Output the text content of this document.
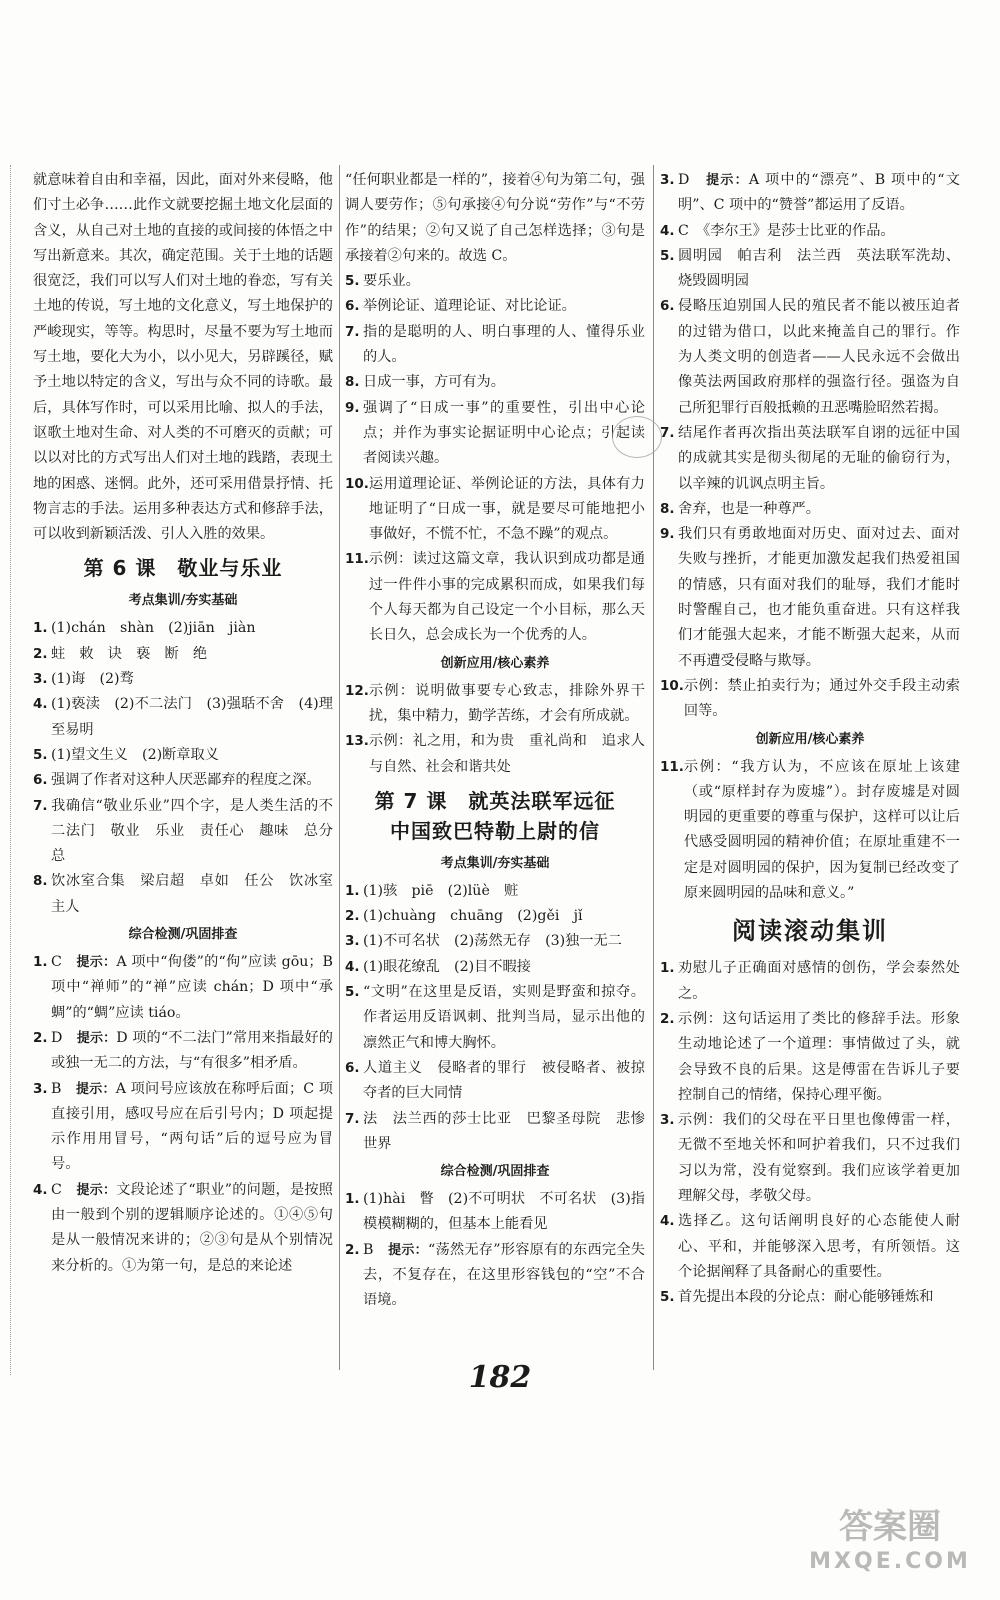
就意味着自由和幸福，因此，面对外来侵略，他们寸土必争……此作文就要挖掘土地文化层面的含义，从自己对土地的直接的或间接的体悟之中写出新意来。其次，确定范围。关于土地的话题很宽泛，我们可以写人们对土地的眷恋，写有关土地的传说，写土地的文化意义，写土地保护的严峻现实，等等。构思时，尽量不要为写土地而写土地，要化大为小，以小见大，另辟蹊径，赋予土地以特定的含义，写出与众不同的诗歌。最后，具体写作时，可以采用比喻、拟人的手法，讴歌土地对生命、对人类的不可磨灭的贡献；可以以对比的方式写出人们对土地的践踏，表现土地的困惑、迷惘。此外，还可采用借景抒情、托物言志的手法。运用多种表达方式和修辞手法，可以收到新颖活泼、引人入胜的效果。

第 6 课　敬业与乐业
考点集训/夯实基础
1. (1)chán　shàn　(2)jiān　jiàn
2. 蛀　敕　诀　亵　断　绝
3. (1)诲　(2)骛
4. (1)亵渎　(2)不二法门　(3)强聒不舍　(4)理至易明
5. (1)望文生义　(2)断章取义
6. 强调了作者对这种人厌恶鄙弃的程度之深。
7. 我确信“敬业乐业”四个字，是人类生活的不二法门　敬业　乐业　责任心　趣味　总分总
8. 饮冰室合集　梁启超　卓如　任公　饮冰室主人
综合检测/巩固排查
1. C　提示：A 项中“佝偻”的“佝”应读 gōu；B 项中“禅师”的“禅”应读 chán；D 项中“承蜩”的“蜩”应读 tiáo。
2. D　提示：D 项的“不二法门”常用来指最好的或独一无二的方法，与“有很多”相矛盾。
3. B　提示：A 项问号应该放在称呼后面；C 项直接引用，感叹号应在后引号内；D 项起提示作用用冒号，“两句话”后的逗号应为冒号。
4. C　提示：文段论述了“职业”的问题，是按照由一般到个别的逻辑顺序论述的。①④⑤句是从一般情况来讲的；②③句是从个别情况来分析的。①为第一句，是总的来论述

“任何职业都是一样的”，接着④句为第二句，强调人要劳作；⑤句承接④句分说“劳作”与“不劳作”的结果；②句又说了自己怎样选择；③句是承接着②句来的。故选 C。

5. 要乐业。
6. 举例论证、道理论证、对比论证。
7. 指的是聪明的人、明白事理的人、懂得乐业的人。
8. 日成一事，方可有为。
9. 强调了“日成一事”的重要性，引出中心论点；并作为事实论据证明中心论点；引起读者阅读兴趣。
10. 运用道理论证、举例论证的方法，具体有力地证明了“日成一事，就是要尽可能地把小事做好，不慌不忙，不急不躁”的观点。
11. 示例：读过这篇文章，我认识到成功都是通过一件件小事的完成累积而成，如果我们每个人每天都为自己设定一个小目标，那么天长日久，总会成长为一个优秀的人。
创新应用/核心素养
12. 示例：说明做事要专心致志，排除外界干扰，集中精力，勤学苦练，才会有所成就。
13. 示例：礼之用，和为贵　重礼尚和　追求人与自然、社会和谐共处
第 7 课　就英法联军远征
中国致巴特勒上尉的信
考点集训/夯实基础
1. (1)骇　piē　(2)lüè　赃
2. (1)chuàng　chuāng　(2)gěi　jǐ
3. (1)不可名状　(2)荡然无存　(3)独一无二
4. (1)眼花缭乱　(2)目不暇接
5. “文明”在这里是反语，实则是野蛮和掠夺。作者运用反语讽刺、批判当局，显示出他的凛然正气和博大胸怀。
6. 人道主义　侵略者的罪行　被侵略者、被掠夺者的巨大同情
7. 法　法兰西的莎士比亚　巴黎圣母院　悲惨世界
综合检测/巩固排查
1. (1)hài　瞥　(2)不可明状　不可名状　(3)指模模糊糊的，但基本上能看见
2. B　提示：“荡然无存”形容原有的东西完全失去，不复存在，在这里形容钱包的“空”不合语境。
3. D　提示：A 项中的“漂亮”、B 项中的“文明”、C 项中的“赞誉”都运用了反语。
4. C　《李尔王》是莎士比亚的作品。
5. 圆明园　帕吉利　法兰西　英法联军洗劫、烧毁圆明园
6. 侵略压迫别国人民的殖民者不能以被压迫者的过错为借口，以此来掩盖自己的罪行。作为人类文明的创造者——人民永远不会做出像英法两国政府那样的强盗行径。强盗为自己所犯罪行百般抵赖的丑恶嘴脸昭然若揭。
7. 结尾作者再次指出英法联军自诩的远征中国的成就其实是彻头彻尾的无耻的偷窃行为，以辛辣的讥讽点明主旨。
8. 舍弃，也是一种尊严。
9. 我们只有勇敢地面对历史、面对过去、面对失败与挫折，才能更加激发起我们热爱祖国的情感，只有面对我们的耻辱，我们才能时时警醒自己，也才能负重奋进。只有这样我们才能强大起来，才能不断强大起来，从而不再遭受侵略与欺辱。
10. 示例：禁止拍卖行为；通过外交手段主动索回等。
创新应用/核心素养
11. 示例：“我方认为，不应该在原址上该建（或“原样封存为废墟”）。封存废墟是对圆明园的更重要的尊重与保护，这样可以让后代感受圆明园的精神价值；在原址重建不一定是对圆明园的保护，因为复制已经改变了原来圆明园的品味和意义。”
阅读滚动集训
1. 劝慰儿子正确面对感情的创伤，学会泰然处之。
2. 示例：这句话运用了类比的修辞手法。形象生动地论述了一个道理：事情做过了头，就会导致不良的后果。这是傅雷在告诉儿子要控制自己的情绪，保持心理平衡。
3. 示例：我们的父母在平日里也像傅雷一样，无微不至地关怀和呵护着我们，只不过我们习以为常，没有觉察到。我们应该学着更加理解父母，孝敬父母。
4. 选择乙。这句话阐明良好的心态能使人耐心、平和，并能够深入思考，有所领悟。这个论据阐释了具备耐心的重要性。
5. 首先提出本段的分论点：耐心能够锤炼和
182
答案圈
MXQE.COM
